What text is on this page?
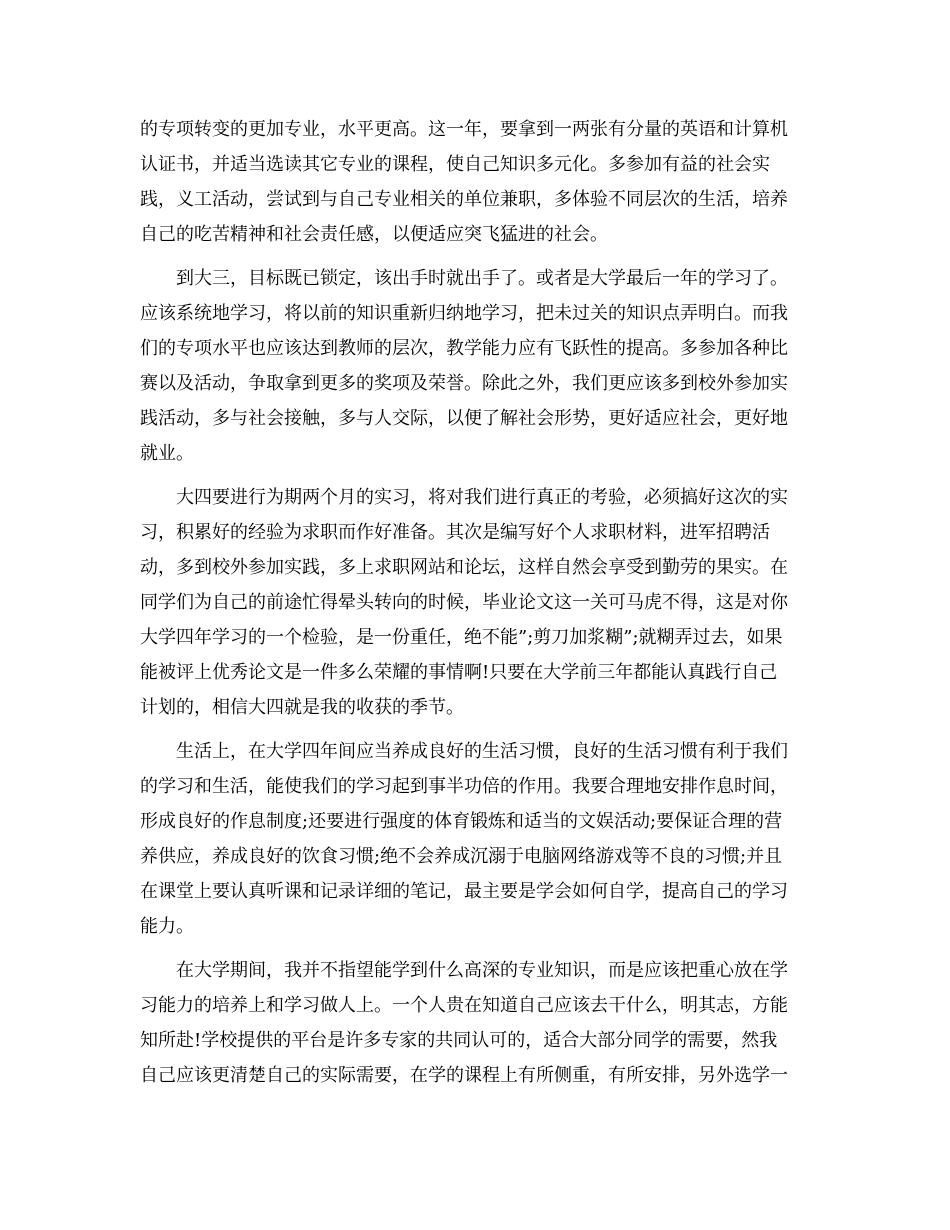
的专项转变的更加专业，水平更高。这一年，要拿到一两张有分量的英语和计算机
认证书，并适当选读其它专业的课程，使自己知识多元化。多参加有益的社会实
践，义工活动，尝试到与自己专业相关的单位兼职，多体验不同层次的生活，培养
自己的吃苦精神和社会责任感，以便适应突飞猛进的社会。
到大三，目标既已锁定，该出手时就出手了。或者是大学最后一年的学习了。
应该系统地学习，将以前的知识重新归纳地学习，把未过关的知识点弄明白。而我
们的专项水平也应该达到教师的层次，教学能力应有飞跃性的提高。多参加各种比
赛以及活动，争取拿到更多的奖项及荣誉。除此之外，我们更应该多到校外参加实
践活动，多与社会接触，多与人交际，以便了解社会形势，更好适应社会，更好地
就业。
大四要进行为期两个月的实习，将对我们进行真正的考验，必须搞好这次的实
习，积累好的经验为求职而作好准备。其次是编写好个人求职材料，进军招聘活
动，多到校外参加实践，多上求职网站和论坛，这样自然会享受到勤劳的果实。在
同学们为自己的前途忙得晕头转向的时候，毕业论文这一关可马虎不得，这是对你
大学四年学习的一个检验，是一份重任，绝不能”;剪刀加浆糊”;就糊弄过去，如果
能被评上优秀论文是一件多么荣耀的事情啊!只要在大学前三年都能认真践行自己
计划的，相信大四就是我的收获的季节。
生活上，在大学四年间应当养成良好的生活习惯，良好的生活习惯有利于我们
的学习和生活，能使我们的学习起到事半功倍的作用。我要合理地安排作息时间，
形成良好的作息制度;还要进行强度的体育锻炼和适当的文娱活动;要保证合理的营
养供应，养成良好的饮食习惯;绝不会养成沉溺于电脑网络游戏等不良的习惯;并且
在课堂上要认真听课和记录详细的笔记，最主要是学会如何自学，提高自己的学习
能力。
在大学期间，我并不指望能学到什么高深的专业知识，而是应该把重心放在学
习能力的培养上和学习做人上。一个人贵在知道自己应该去干什么，明其志，方能
知所赴!学校提供的平台是许多专家的共同认可的，适合大部分同学的需要，然我
自己应该更清楚自己的实际需要，在学的课程上有所侧重，有所安排，另外选学一
